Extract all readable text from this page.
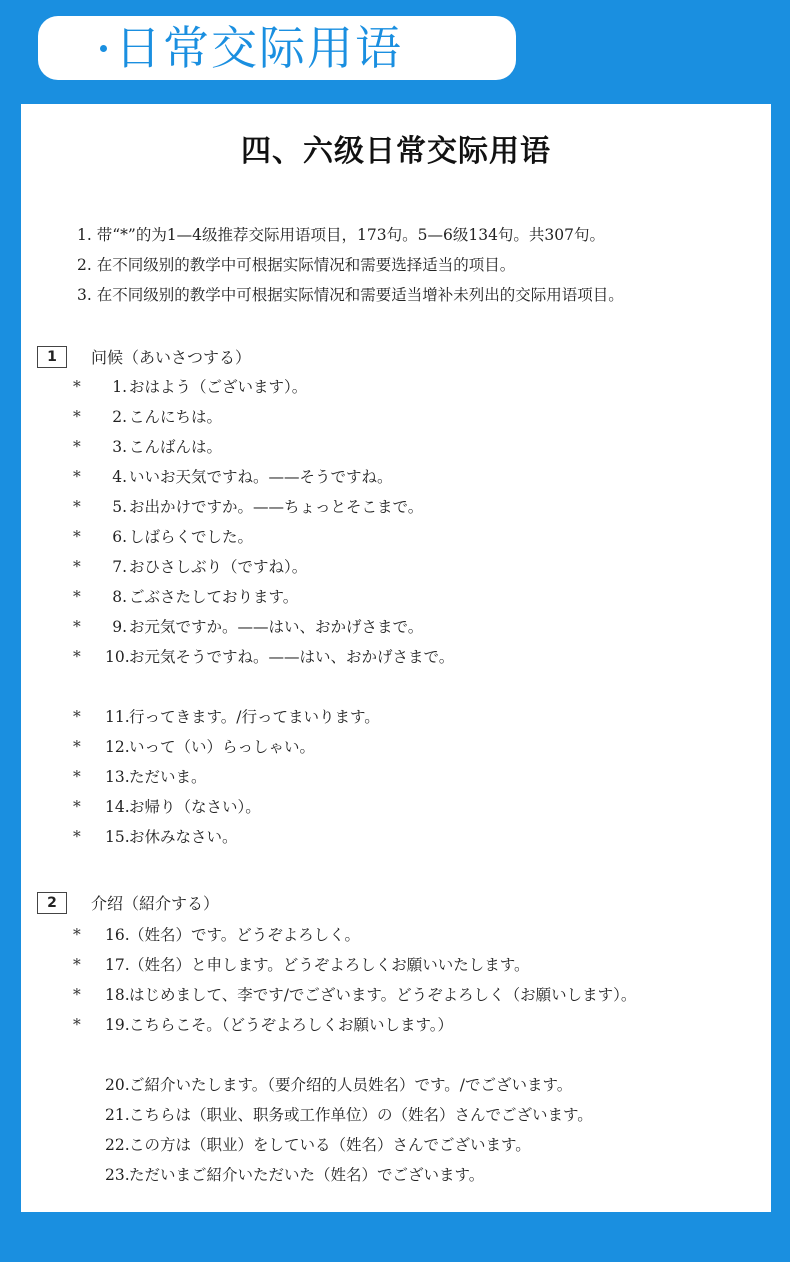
日常交际用语
四、六级日常交际用语
1. 带“*”的为1—4级推荐交际用语项目，173句。5—6级134句。共307句。
2. 在不同级别的教学中可根据实际情况和需要选择适当的项目。
3. 在不同级别的教学中可根据实际情况和需要适当增补未列出的交际用语项目。
1	问候（あいさつする）
*	1. おはよう（ございます）。
*	2. こんにちは。
*	3. こんばんは。
*	4. いいお天気ですね。——そうですね。
*	5. お出かけですか。——ちょっとそこまで。
*	6. しばらくでした。
*	7. おひさしぶり（ですね）。
*	8. ごぶさたしております。
*	9. お元気ですか。——はい、おかげさまで。
*	10. お元気そうですね。——はい、おかげさまで。
*	11. 行ってきます。/行ってまいります。
*	12. いって（い）らっしゃい。
*	13. ただいま。
*	14. お帰り（なさい）。
*	15. お休みなさい。
2	介绍（紹介する）
*	16. （姓名）です。どうぞよろしく。
*	17. （姓名）と申します。どうぞよろしくお願いいたします。
*	18. はじめまして、李です/でございます。どうぞよろしく（お願いします）。
*	19. こちらこそ。（どうぞよろしくお願いします。）
20. ご紹介いたします。（要介绍的人员姓名）です。/でございます。
21. こちらは（职业、职务或工作单位）の（姓名）さんでございます。
22. この方は（职业）をしている（姓名）さんでございます。
23. ただいまご紹介いただいた（姓名）でございます。
